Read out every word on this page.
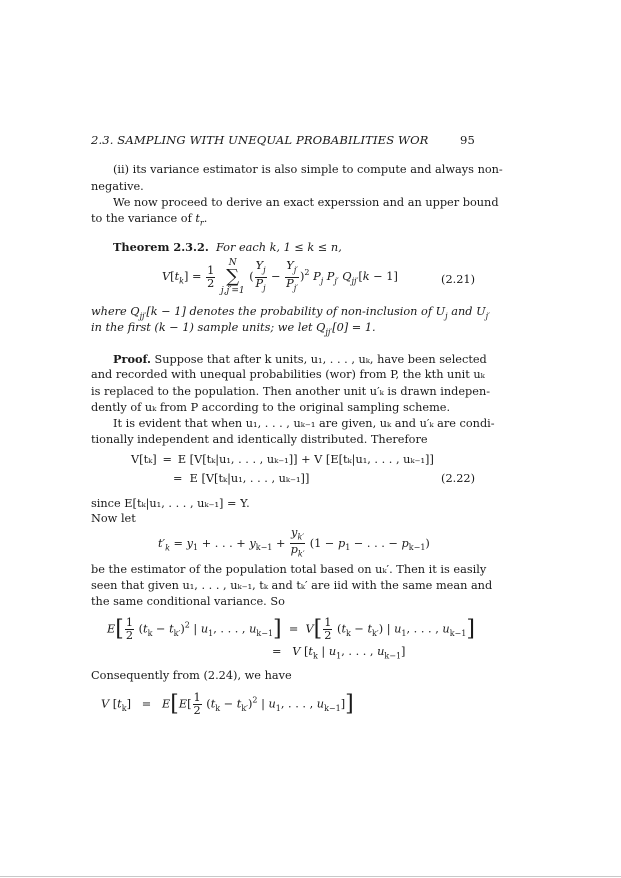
2.3. SAMPLING WITH UNEQUAL PROBABILITIES WOR	95
(ii) its variance estimator is also simple to compute and always non-
negative.
We now proceed to derive an exact experssion and an upper bound
to the variance of $t_r$.
Theorem 2.3.2. For each k, 1 ≤ k ≤ n,
$V[t_k] = \frac{1}{2}$

N
∑
j,j′=1
( $\frac{Y_j}{P_j} - \frac{Y_{j'}}{P_{j'}} )^2$ $P_j$ $P_{j'}$ $Q_{jj'}[k - 1]$	(2.21)
where $Q_{jj'}[k - 1]$ denotes the probability of non-inclusion of $U_j$ and $U_{j'}$
in the first (k − 1) sample units; we let $Q_{jj'}[0] = 1$.
Proof. Suppose that after k units, u₁, . . . , uₖ, have been selected
and recorded with unequal probabilities (wor) from P, the kth unit uₖ
is replaced to the population. Then another unit u′ₖ is drawn indepen-
dently of uₖ from P according to the original sampling scheme.
It is evident that when u₁, . . . , uₖ₋₁ are given, uₖ and u′ₖ are condi-
tionally independent and identically distributed. Therefore
V[tₖ] = E [V[tₖ|u₁, . . . , uₖ₋₁]] + V [E[tₖ|u₁, . . . , uₖ₋₁]]
=  E [V[tₖ|u₁, . . . , uₖ₋₁]]	(2.22)
since E[tₖ|u₁, . . . , uₖ₋₁] = Y.
Now let
$t'_k = y_1$ + . . . + $y_{k-1} + \frac{y_{k'}}{p_{k'}} (1 - p_1$ − . . . − $p_{k-1}$)
be the estimator of the population total based on uₖ′. Then it is easily
seen that given u₁, . . . , uₖ₋₁, tₖ and tₖ′ are iid with the same mean and
the same conditional variance. So
$E[ \frac{1}{2} (t_k - t_{k'})^2$ | $u_1$, . . . , $u_{k-1}] = V[ \frac{1}{2} (t_k - t_{k'})$ | $u_1$, . . . , $u_{k-1}$]
=   V [$t_k$ | $u_1$, . . . , $u_{k-1}$]
Consequently from (2.24), we have
V $[t_k] = E[E[ \frac{1}{2} (t_k - t_{k'})^2$ | $u_1$, . . . , $u_{k-1}$]]
